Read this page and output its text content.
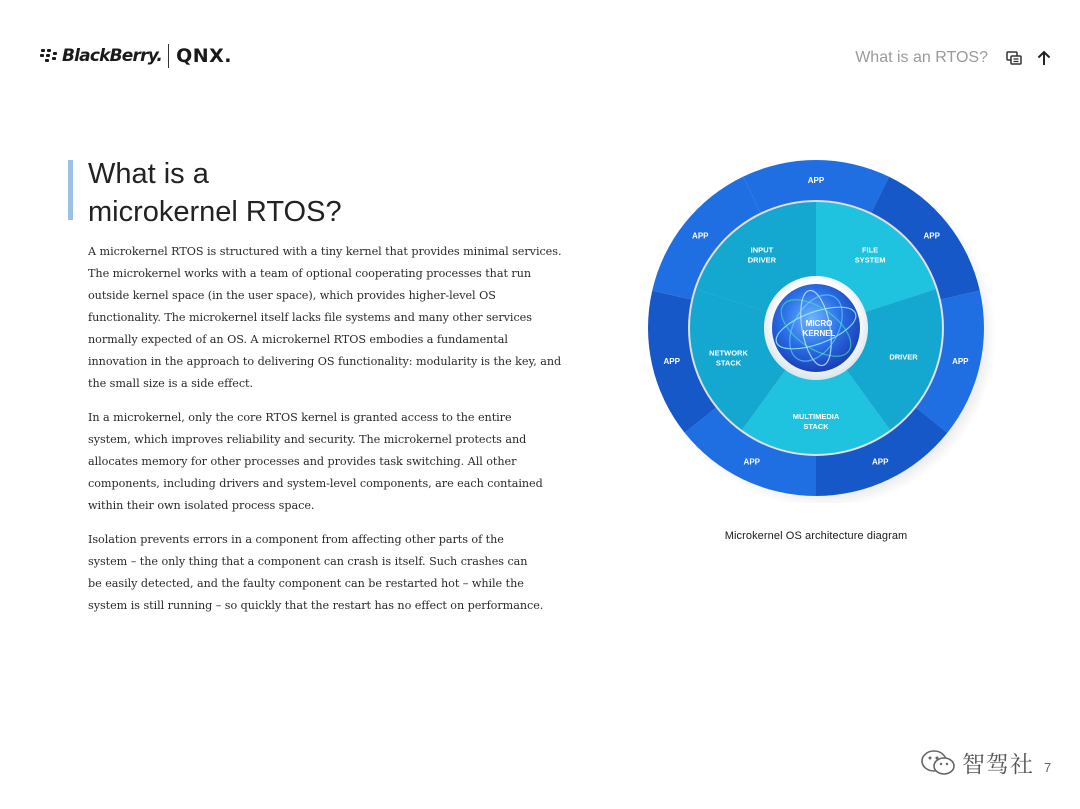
BlackBerry. QNX.	What is an RTOS?
What is a
microkernel RTOS?

A microkernel RTOS is structured with a tiny kernel that provides minimal services. The microkernel works with a team of optional cooperating processes that run outside kernel space (in the user space), which provides higher-level OS functionality. The microkernel itself lacks file systems and many other services normally expected of an OS. A microkernel RTOS embodies a fundamental innovation in the approach to delivering OS functionality: modularity is the key, and the small size is a side effect.

In a microkernel, only the core RTOS kernel is granted access to the entire system, which improves reliability and security. The microkernel protects and allocates memory for other processes and provides task switching. All other components, including drivers and system-level components, are each contained within their own isolated process space.

Isolation prevents errors in a component from affecting other parts of the system – the only thing that a component can crash is itself. Such crashes can be easily detected, and the faulty component can be restarted hot – while the system is still running – so quickly that the restart has no effect on performance.

MICRO
KERNEL
APP
APP
APP
APP
APP
APP
APP
INPUT
DRIVER
FILE
SYSTEM
DRIVER
MULTIMEDIA
STACK
NETWORK
STACK
Microkernel OS architecture diagram
智驾社 7
